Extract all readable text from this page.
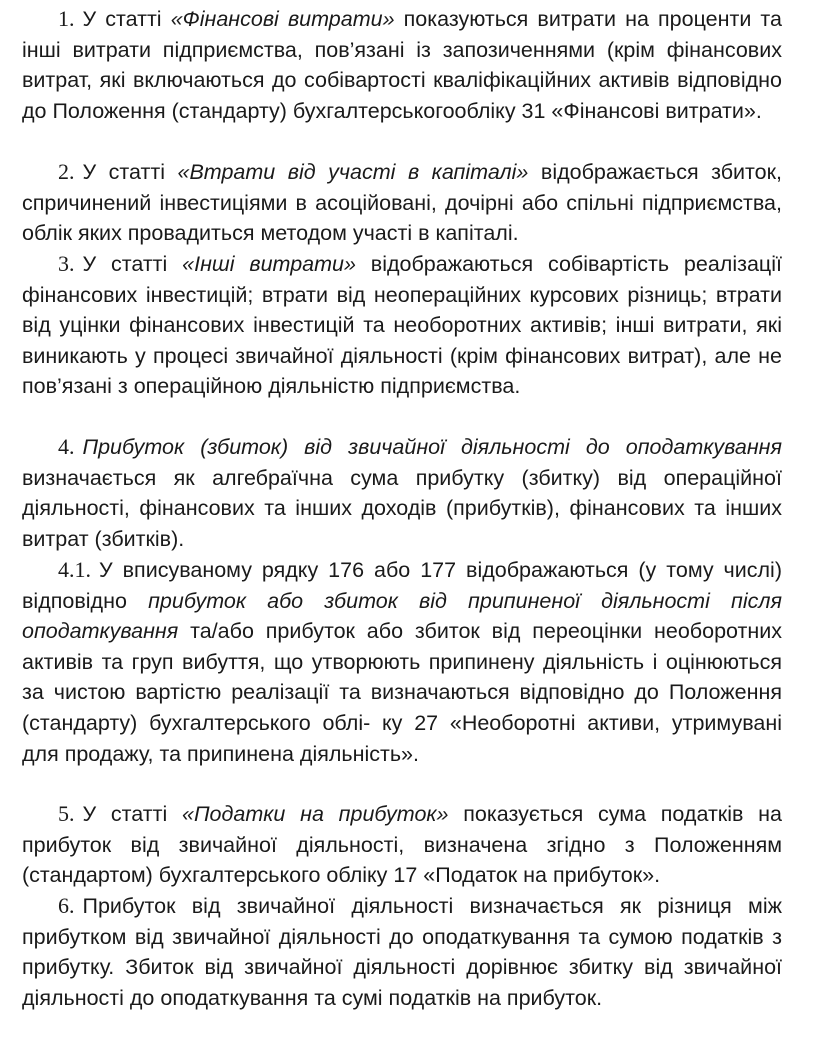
1. У статті «Фінансові витрати» показуються витрати на проценти та інші витрати підприємства, пов’язані із запозиченнями (крім фінансових витрат, які включаються до собівартості кваліфікаційних активів відповідно до Положення (стандарту) бухгалтерськогообліку 31 «Фінансові витрати».

2. У статті «Втрати від участі в капіталі» відображається збиток, спричинений інвестиціями в асоційовані, дочірні або спільні підприємства, облік яких провадиться методом участі в капіталі.

3. У статті «Інші витрати» відображаються собівартість реалізації фінансових інвестицій; втрати від неопераційних курсових різниць; втрати від уцінки фінансових інвестицій та необоротних активів; інші витрати, які виникають у процесі звичайної діяльності (крім фінансових витрат), але не пов’язані з операційною діяльністю підприємства.

4. Прибуток (збиток) від звичайної діяльності до оподаткування визначається як алгебраїчна сума прибутку (збитку) від операційної діяльності, фінансових та інших доходів (прибутків), фінансових та інших витрат (збитків).

4.1. У вписуваному рядку 176 або 177 відображаються (у тому числі) відповідно прибуток або збиток від припиненої діяльності після оподаткування та/або прибуток або збиток від переоцінки необоротних активів та груп вибуття, що утворюють припинену діяльність і оцінюються за чистою вартістю реалізації та визначаються відповідно до Положення (стандарту) бухгалтерського облі- ку 27 «Необоротні активи, утримувані для продажу, та припинена діяльність».

5. У статті «Податки на прибуток» показується сума податків на прибуток від звичайної діяльності, визначена згідно з Положенням (стандартом) бухгалтерського обліку 17 «Податок на прибуток».

6. Прибуток від звичайної діяльності визначається як різниця між прибутком від звичайної діяльності до оподаткування та сумою податків з прибутку. Збиток від звичайної діяльності дорівнює збитку від звичайної діяльності до оподаткування та сумі податків на прибуток.
